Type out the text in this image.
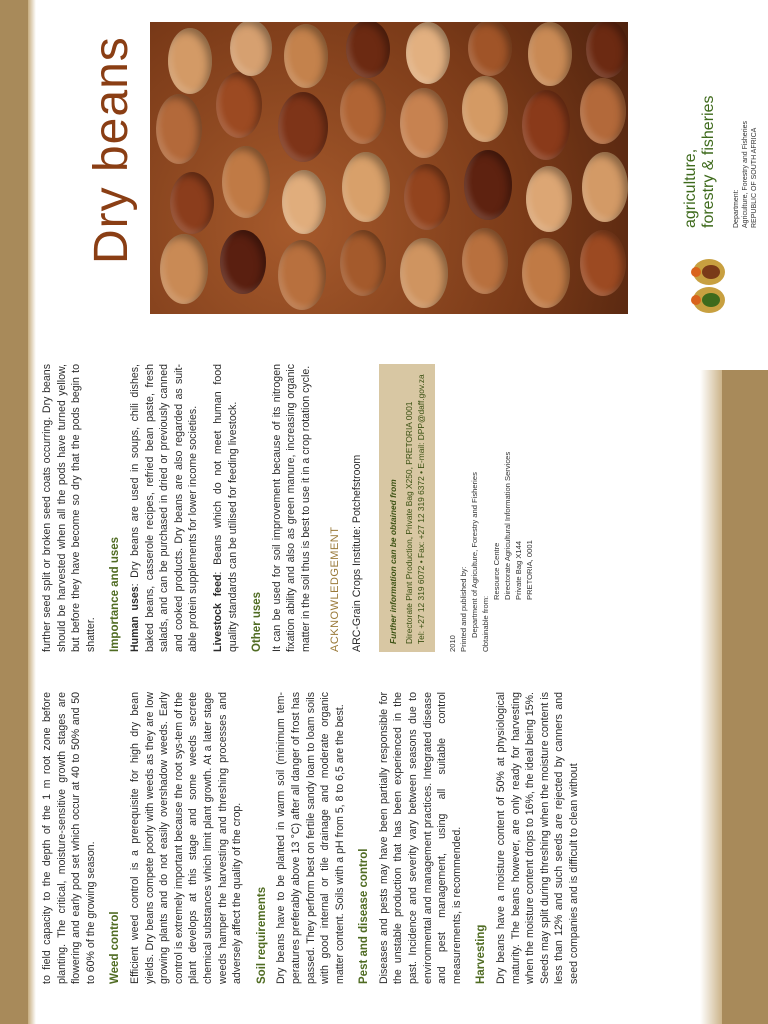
to field capacity to the depth of the 1 m root zone before planting. The critical, moisture-sensitive growth stages are flowering and early pod set which occur at 40 to 50% and 50 to 60% of the growing season. Weed control Efficient weed control is a prerequisite for high dry bean yields. Dry beans compete poorly with weeds as they are low growing plants and do not easily overshadow weeds. Early control is extremely important because the root sys-tem of the plant develops at this stage and some weeds secrete chemical substances which limit plant growth. At a later stage weeds hamper the harvesting and threshing processes and adversely affect the quality of the crop. Soil requirements Dry beans have to be planted in warm soil (minimum tem-peratures preferably above 13 °C) after all danger of frost has passed. They perform best on fertile sandy loam to loam soils with good internal or tile drainage and moderate organic matter content. Soils with a pH from 5, 8 to 6,5 are the best. Pest and disease control Diseases and pests may have been partially responsible for the unstable production that has been experienced in the past. Incidence and severity vary between seasons due to environmental and management practices. Integrated disease and pest management, using all suitable control measurements, is recommended. Harvesting Dry beans have a moisture content of 50% at physiological maturity. The beans however, are only ready for harvesting when the moisture content drops to 16%, the ideal being 15%. Seeds may split during threshing when the moisture content is less than 12% and such seeds are rejected by canners and seed companies and is difficult to clean without

further seed split or broken seed coats occurring. Dry beans should be harvested when all the pods have turned yellow, but before they have become so dry that the pods begin to shatter. Importance and uses Human uses: Dry beans are used in soups, chili dishes, baked beans, casserole recipes, refried bean paste, fresh salads, and can be purchased in dried or previously canned and cooked products. Dry beans are also regarded as suit-able protein supplements for lower income societies. Livestock feed: Beans which do not meet human food quality standards can be utilised for feeding livestock. Other uses It can be used for soil improvement because of its nitrogen fixation ability and also as green manure, increasing organic matter in the soil thus is best to use it in a crop rotation cycle. ACKNOWLEDGEMENT ARC-Grain Crops Institute: Potchefstroom	Further information can be obtained from Directorate Plant Production, Private Bag X250, PRETORIA 0001 Tel: +27 12 319 6072 • Fax: +27 12 319 6372 • E-mail: DPP@daff.gov.za	2010 Printed and published by: Department of Agriculture, Forestry and Fisheries Obtainable from:
Resource Centre Directorate Agricultural Information Services Private Bag X144 PRETORIA, 0001
Dry beans	agriculture, forestry & fisheries Department: Agriculture, Forestry and Fisheries REPUBLIC OF SOUTH AFRICA
